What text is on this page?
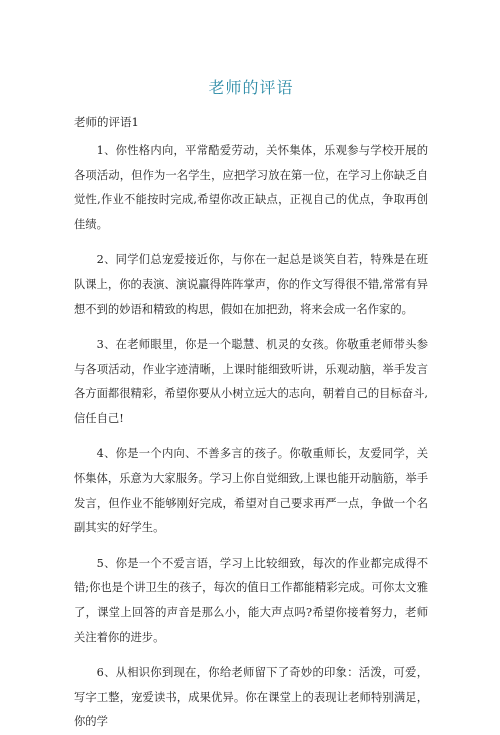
老师的评语
老师的评语1

1、你性格内向，平常酷爱劳动，关怀集体，乐观参与学校开展的各项活动，但作为一名学生，应把学习放在第一位，在学习上你缺乏自觉性,作业不能按时完成,希望你改正缺点，正视自己的优点，争取再创佳绩。

2、同学们总宠爱接近你，与你在一起总是谈笑自若，特殊是在班队课上，你的表演、演说赢得阵阵掌声，你的作文写得很不错,常常有异想不到的妙语和精致的构思，假如在加把劲，将来会成一名作家的。

3、在老师眼里，你是一个聪慧、机灵的女孩。你敬重老师带头参与各项活动，作业字迹清晰，上课时能细致听讲，乐观动脑，举手发言各方面都很精彩，希望你要从小树立远大的志向，朝着自己的目标奋斗,信任自己!

4、你是一个内向、不善多言的孩子。你敬重师长，友爱同学，关怀集体，乐意为大家服务。学习上你自觉细致,上课也能开动脑筋，举手发言，但作业不能够刚好完成，希望对自己要求再严一点，争做一个名副其实的好学生。

5、你是一个不爱言语，学习上比较细致，每次的作业都完成得不错;你也是个讲卫生的孩子，每次的值日工作都能精彩完成。可你太文雅了，课堂上回答的声音是那么小，能大声点吗?希望你接着努力，老师关注着你的进步。

6、从相识你到现在，你给老师留下了奇妙的印象：活泼，可爱，写字工整，宠爱读书，成果优异。你在课堂上的表现让老师特别满足，你的学
